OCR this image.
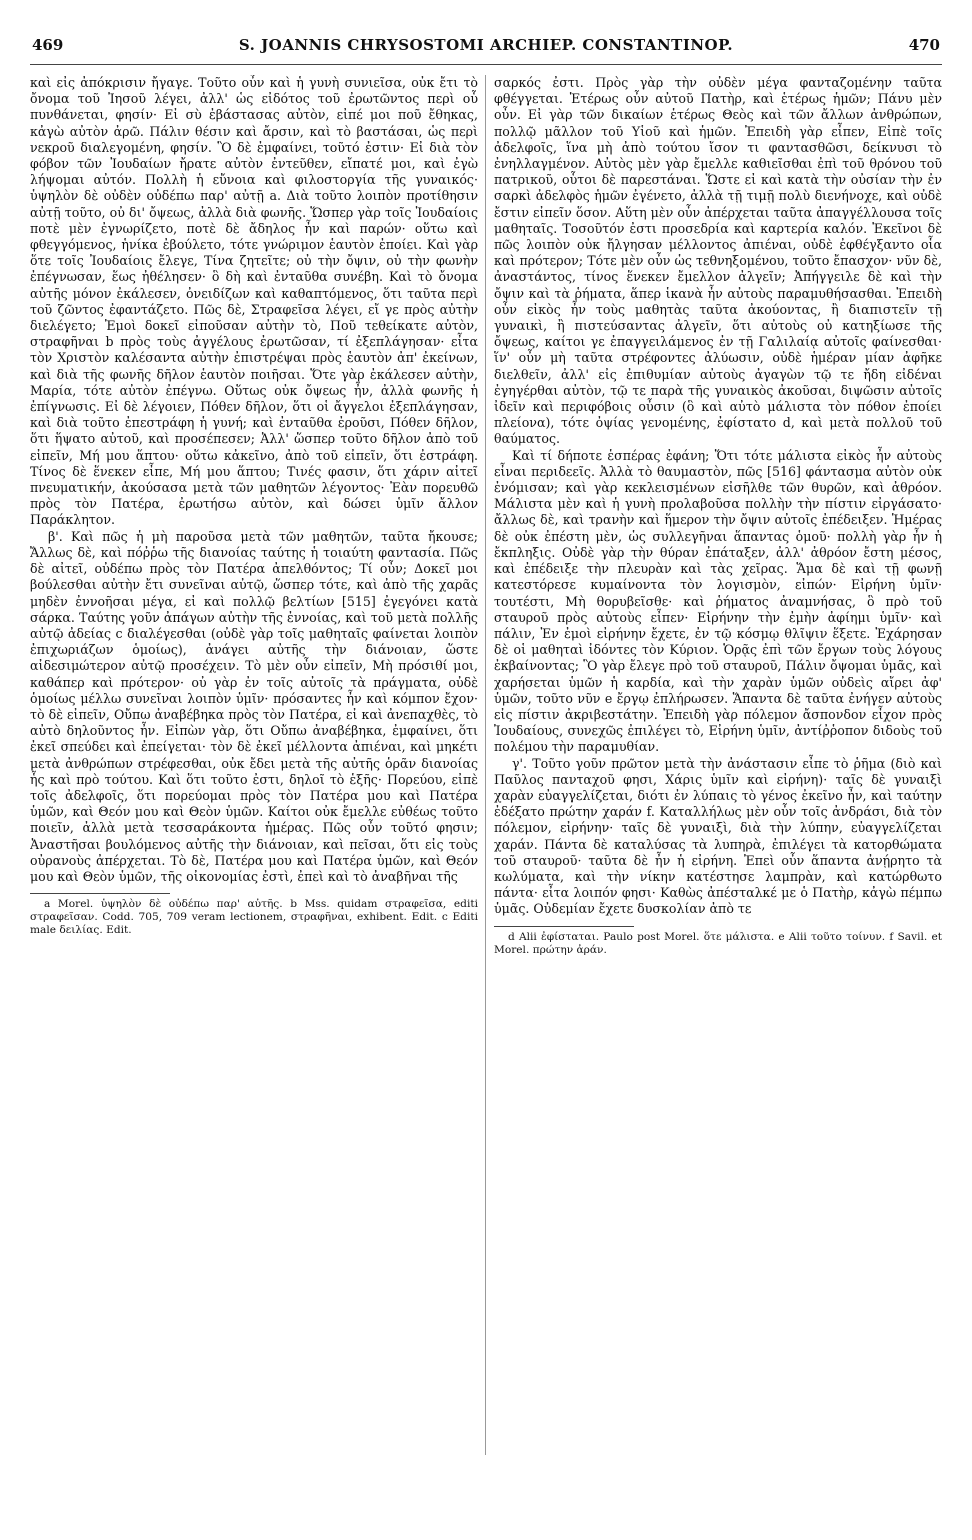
469	S. JOANNIS CHRYSOSTOMI ARCHIEP. CONSTANTINOP.	470

καὶ εἰς ἀπόκρισιν ἤγαγε. Τοῦτο οὖν καὶ ἡ γυνὴ συνιεῖσα, οὐκ ἔτι τὸ ὄνομα τοῦ Ἰησοῦ λέγει, ἀλλ' ὡς εἰδότος τοῦ ἐρωτῶντος περὶ οὗ πυνθάνεται, φησίν· Εἰ σὺ ἐβάστασας αὐτὸν, εἰπέ μοι ποῦ ἔθηκας, κἀγὼ αὐτὸν ἀρῶ. Πάλιν θέσιν καὶ ἄρσιν, καὶ τὸ βαστάσαι, ὡς περὶ νεκροῦ διαλεγομένη, φησίν. Ὃ δὲ ἐμφαίνει, τοῦτό ἐστιν· Εἰ διὰ τὸν φόβον τῶν Ἰουδαίων ἤρατε αὐτὸν ἐντεῦθεν, εἴπατέ μοι, καὶ ἐγὼ λήψομαι αὐτόν. Πολλὴ ἡ εὔνοια καὶ φιλοστοργία τῆς γυναικός· ὑψηλὸν δὲ οὐδὲν οὐδέπω παρ' αὐτῇ a. Διὰ τοῦτο λοιπὸν προτίθησιν αὐτῇ τοῦτο, οὐ δι' ὄψεως, ἀλλὰ διὰ φωνῆς. Ὥσπερ γὰρ τοῖς Ἰουδαίοις ποτὲ μὲν ἐγνωρίζετο, ποτὲ δὲ ἄδηλος ἦν καὶ παρών· οὕτω καὶ φθεγγόμενος, ἡνίκα ἐβούλετο, τότε γνώριμον ἑαυτὸν ἐποίει. Καὶ γὰρ ὅτε τοῖς Ἰουδαίοις ἔλεγε, Τίνα ζητεῖτε; οὐ τὴν ὄψιν, οὐ τὴν φωνὴν ἐπέγνωσαν, ἕως ἠθέλησεν· ὃ δὴ καὶ ἐνταῦθα συνέβη. Καὶ τὸ ὄνομα αὐτῆς μόνον ἐκάλεσεν, ὀνειδίζων καὶ καθαπτόμενος, ὅτι ταῦτα περὶ τοῦ ζῶντος ἐφαντάζετο. Πῶς δὲ, Στραφεῖσα λέγει, εἴ γε πρὸς αὐτὴν διελέγετο; Ἐμοὶ δοκεῖ εἰποῦσαν αὐτὴν τὸ, Ποῦ τεθείκατε αὐτὸν, στραφῆναι b πρὸς τοὺς ἀγγέλους ἐρωτῶσαν, τί ἐξεπλάγησαν· εἶτα τὸν Χριστὸν καλέσαντα αὐτὴν ἐπιστρέψαι πρὸς ἑαυτὸν ἀπ' ἐκείνων, καὶ διὰ τῆς φωνῆς δῆλον ἑαυτὸν ποιῆσαι. Ὅτε γὰρ ἐκάλεσεν αὐτὴν, Μαρία, τότε αὐτὸν ἐπέγνω. Οὕτως οὐκ ὄψεως ἦν, ἀλλὰ φωνῆς ἡ ἐπίγνωσις. Εἰ δὲ λέγοιεν, Πόθεν δῆλον, ὅτι οἱ ἄγγελοι ἐξεπλάγησαν, καὶ διὰ τοῦτο ἐπεστράφη ἡ γυνή; καὶ ἐνταῦθα ἐροῦσι, Πόθεν δῆλον, ὅτι ἥψατο αὐτοῦ, καὶ προσέπεσεν; Ἀλλ' ὥσπερ τοῦτο δῆλον ἀπὸ τοῦ εἰπεῖν, Μή μου ἅπτου· οὕτω κἀκεῖνο, ἀπὸ τοῦ εἰπεῖν, ὅτι ἐστράφη. Τίνος δὲ ἕνεκεν εἶπε, Μή μου ἅπτου; Τινές φασιν, ὅτι χάριν αἰτεῖ πνευματικήν, ἀκούσασα μετὰ τῶν μαθητῶν λέγοντος· Ἐὰν πορευθῶ πρὸς τὸν Πατέρα, ἐρωτήσω αὐτὸν, καὶ δώσει ὑμῖν ἄλλον Παράκλητον.

β'. Καὶ πῶς ἡ μὴ παροῦσα μετὰ τῶν μαθητῶν, ταῦτα ἤκουσε; Ἄλλως δὲ, καὶ πόῤῥω τῆς διανοίας ταύτης ἡ τοιαύτη φαντασία. Πῶς δὲ αἰτεῖ, οὐδέπω πρὸς τὸν Πατέρα ἀπελθόντος; Τί οὖν; Δοκεῖ μοι βούλεσθαι αὐτὴν ἔτι συνεῖναι αὐτῷ, ὥσπερ τότε, καὶ ἀπὸ τῆς χαρᾶς μηδὲν ἐννοῆσαι μέγα, εἰ καὶ πολλῷ βελτίων [515] ἐγεγόνει κατὰ σάρκα. Ταύτης γοῦν ἀπάγων αὐτὴν τῆς ἐννοίας, καὶ τοῦ μετὰ πολλῆς αὐτῷ ἀδείας c διαλέγεσθαι (οὐδὲ γὰρ τοῖς μαθηταῖς φαίνεται λοιπὸν ἐπιχωριάζων ὁμοίως), ἀνάγει αὐτῆς τὴν διάνοιαν, ὥστε αἰδεσιμώτερον αὐτῷ προσέχειν. Τὸ μὲν οὖν εἰπεῖν, Μὴ πρόσιθί μοι, καθάπερ καὶ πρότερον· οὐ γὰρ ἐν τοῖς αὐτοῖς τὰ πράγματα, οὐδὲ ὁμοίως μέλλω συνεῖναι λοιπὸν ὑμῖν· πρόσαντες ἦν καὶ κόμπον ἔχον· τὸ δὲ εἰπεῖν, Οὔπω ἀναβέβηκα πρὸς τὸν Πατέρα, εἰ καὶ ἀνεπαχθὲς, τὸ αὐτὸ δηλοῦντος ἦν. Εἰπὼν γὰρ, ὅτι Οὔπω ἀναβέβηκα, ἐμφαίνει, ὅτι ἐκεῖ σπεύδει καὶ ἐπείγεται· τὸν δὲ ἐκεῖ μέλλοντα ἀπιέναι, καὶ μηκέτι μετὰ ἀνθρώπων στρέφεσθαι, οὐκ ἔδει μετὰ τῆς αὐτῆς ὁρᾶν διανοίας ἧς καὶ πρὸ τούτου. Καὶ ὅτι τοῦτο ἐστι, δηλοῖ τὸ ἑξῆς· Πορεύου, εἰπὲ τοῖς ἀδελφοῖς, ὅτι πορεύομαι πρὸς τὸν Πατέρα μου καὶ Πατέρα ὑμῶν, καὶ Θεόν μου καὶ Θεὸν ὑμῶν. Καίτοι οὐκ ἔμελλε εὐθέως τοῦτο ποιεῖν, ἀλλὰ μετὰ τεσσαράκοντα ἡμέρας. Πῶς οὖν τοῦτό φησιν; Ἀναστῆσαι βουλόμενος αὐτῆς τὴν διάνοιαν, καὶ πεῖσαι, ὅτι εἰς τοὺς οὐρανοὺς ἀπέρχεται. Τὸ δὲ, Πατέρα μου καὶ Πατέρα ὑμῶν, καὶ Θεόν μου καὶ Θεὸν ὑμῶν, τῆς οἰκονομίας ἐστὶ, ἐπεὶ καὶ τὸ ἀναβῆναι τῆς

a Morel. ὑψηλὸν δὲ οὐδέπω παρ' αὐτῆς. b Mss. quidam στραφεῖσα, editi στραφεῖσαν. Codd. 705, 709 veram lectionem, στραφῆναι, exhibent. Edit. c Editi male δειλίας. Edit.

σαρκός ἐστι. Πρὸς γὰρ τὴν οὐδὲν μέγα φανταζομένην ταῦτα φθέγγεται. Ἑτέρως οὖν αὐτοῦ Πατὴρ, καὶ ἑτέρως ἡμῶν; Πάνυ μὲν οὖν. Εἰ γὰρ τῶν δικαίων ἑτέρως Θεὸς καὶ τῶν ἄλλων ἀνθρώπων, πολλῷ μᾶλλον τοῦ Υἱοῦ καὶ ἡμῶν. Ἐπειδὴ γὰρ εἶπεν, Εἰπὲ τοῖς ἀδελφοῖς, ἵνα μὴ ἀπὸ τούτου ἴσον τι φαντασθῶσι, δείκνυσι τὸ ἐνηλλαγμένον. Αὐτὸς μὲν γὰρ ἔμελλε καθιεῖσθαι ἐπὶ τοῦ θρόνου τοῦ πατρικοῦ, οὗτοι δὲ παρεστάναι. Ὥστε εἰ καὶ κατὰ τὴν οὐσίαν τὴν ἐν σαρκὶ ἀδελφὸς ἡμῶν ἐγένετο, ἀλλὰ τῇ τιμῇ πολὺ διενήνοχε, καὶ οὐδὲ ἔστιν εἰπεῖν ὅσον. Αὕτη μὲν οὖν ἀπέρχεται ταῦτα ἀπαγγέλλουσα τοῖς μαθηταῖς. Τοσοῦτόν ἐστι προσεδρία καὶ καρτερία καλόν. Ἐκεῖνοι δὲ πῶς λοιπὸν οὐκ ἤλγησαν μέλλοντος ἀπιέναι, οὐδὲ ἐφθέγξαντο οἷα καὶ πρότερον; Τότε μὲν οὖν ὡς τεθνηξομένου, τοῦτο ἔπασχον· νῦν δὲ, ἀναστάντος, τίνος ἕνεκεν ἔμελλον ἀλγεῖν; Ἀπήγγειλε δὲ καὶ τὴν ὄψιν καὶ τὰ ῥήματα, ἅπερ ἱκανὰ ἦν αὐτοὺς παραμυθήσασθαι. Ἐπειδὴ οὖν εἰκὸς ἦν τοὺς μαθητὰς ταῦτα ἀκούοντας, ἢ διαπιστεῖν τῇ γυναικὶ, ἢ πιστεύσαντας ἀλγεῖν, ὅτι αὐτοὺς οὐ κατηξίωσε τῆς ὄψεως, καίτοι γε ἐπαγγειλάμενος ἐν τῇ Γαλιλαίᾳ αὐτοῖς φαίνεσθαι· ἵν' οὖν μὴ ταῦτα στρέφοντες ἀλύωσιν, οὐδὲ ἡμέραν μίαν ἀφῆκε διελθεῖν, ἀλλ' εἰς ἐπιθυμίαν αὐτοὺς ἀγαγὼν τῷ τε ἤδη εἰδέναι ἐγηγέρθαι αὐτὸν, τῷ τε παρὰ τῆς γυναικὸς ἀκοῦσαι, διψῶσιν αὐτοῖς ἰδεῖν καὶ περιφόβοις οὖσιν (ὃ καὶ αὐτὸ μάλιστα τὸν πόθον ἐποίει πλείονα), τότε ὀψίας γενομένης, ἐφίστατο d, καὶ μετὰ πολλοῦ τοῦ θαύματος.

Καὶ τί δήποτε ἑσπέρας ἐφάνη; Ὅτι τότε μάλιστα εἰκὸς ἦν αὐτοὺς εἶναι περιδεεῖς. Ἀλλὰ τὸ θαυμαστὸν, πῶς [516] φάντασμα αὐτὸν οὐκ ἐνόμισαν; καὶ γὰρ κεκλεισμένων εἰσῆλθε τῶν θυρῶν, καὶ ἀθρόον. Μάλιστα μὲν καὶ ἡ γυνὴ προλαβοῦσα πολλὴν τὴν πίστιν εἰργάσατο· ἄλλως δὲ, καὶ τρανὴν καὶ ἥμερον τὴν ὄψιν αὐτοῖς ἐπέδειξεν. Ἡμέρας δὲ οὐκ ἐπέστη μὲν, ὡς συλλεγῆναι ἅπαντας ὁμοῦ· πολλὴ γὰρ ἦν ἡ ἔκπληξις. Οὐδὲ γὰρ τὴν θύραν ἐπάταξεν, ἀλλ' ἀθρόον ἔστη μέσος, καὶ ἐπέδειξε τὴν πλευρὰν καὶ τὰς χεῖρας. Ἅμα δὲ καὶ τῇ φωνῇ κατεστόρεσε κυμαίνοντα τὸν λογισμὸν, εἰπών· Εἰρήνη ὑμῖν· τουτέστι, Μὴ θορυβεῖσθε· καὶ ῥήματος ἀναμνήσας, ὃ πρὸ τοῦ σταυροῦ πρὸς αὐτοὺς εἶπεν· Εἰρήνην τὴν ἐμὴν ἀφίημι ὑμῖν· καὶ πάλιν, Ἐν ἐμοὶ εἰρήνην ἔχετε, ἐν τῷ κόσμῳ θλῖψιν ἕξετε. Ἐχάρησαν δὲ οἱ μαθηταὶ ἰδόντες τὸν Κύριον. Ὁρᾷς ἐπὶ τῶν ἔργων τοὺς λόγους ἐκβαίνοντας; Ὃ γὰρ ἔλεγε πρὸ τοῦ σταυροῦ, Πάλιν ὄψομαι ὑμᾶς, καὶ χαρήσεται ὑμῶν ἡ καρδία, καὶ τὴν χαρὰν ὑμῶν οὐδεὶς αἴρει ἀφ' ὑμῶν, τοῦτο νῦν e ἔργῳ ἐπλήρωσεν. Ἅπαντα δὲ ταῦτα ἐνήγεν αὐτοὺς εἰς πίστιν ἀκριβεστάτην. Ἐπειδὴ γὰρ πόλεμον ἄσπονδον εἶχον πρὸς Ἰουδαίους, συνεχῶς ἐπιλέγει τὸ, Εἰρήνη ὑμῖν, ἀντίῤῥοπον διδοὺς τοῦ πολέμου τὴν παραμυθίαν.

γ'. Τοῦτο γοῦν πρῶτον μετὰ τὴν ἀνάστασιν εἶπε τὸ ῥῆμα (διὸ καὶ Παῦλος πανταχοῦ φησι, Χάρις ὑμῖν καὶ εἰρήνη)· ταῖς δὲ γυναιξὶ χαρὰν εὐαγγελίζεται, διότι ἐν λύπαις τὸ γένος ἐκεῖνο ἦν, καὶ ταύτην ἐδέξατο πρώτην χαράν f. Καταλλήλως μὲν οὖν τοῖς ἀνδράσι, διὰ τὸν πόλεμον, εἰρήνην· ταῖς δὲ γυναιξὶ, διὰ τὴν λύπην, εὐαγγελίζεται χαράν. Πάντα δὲ καταλύσας τὰ λυπηρὰ, ἐπιλέγει τὰ κατορθώματα τοῦ σταυροῦ· ταῦτα δὲ ἦν ἡ εἰρήνη. Ἐπεὶ οὖν ἅπαντα ἀνῄρητο τὰ κωλύματα, καὶ τὴν νίκην κατέστησε λαμπρὰν, καὶ κατώρθωτο πάντα· εἶτα λοιπόν φησι· Καθὼς ἀπέσταλκέ με ὁ Πατὴρ, κἀγὼ πέμπω ὑμᾶς. Οὐδεμίαν ἔχετε δυσκολίαν ἀπὸ τε

d Alii ἐφίσταται. Paulo post Morel. ὅτε μάλιστα. e Alii τοῦτο τοίνυν. f Savil. et Morel. πρώτην ἀράν.
